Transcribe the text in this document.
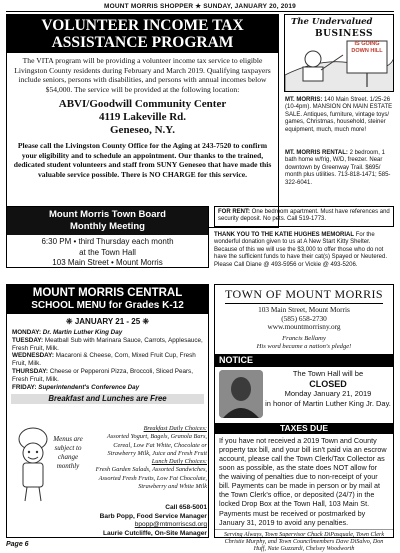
MOUNT MORRIS SHOPPER ★ SUNDAY, JANUARY 20, 2019
VOLUNTEER INCOME TAX
ASSISTANCE PROGRAM
The VITA program will be providing a volunteer income tax service to eligible Livingston County residents during February and March 2019. Qualifying taxpayers include seniors, persons with disabilities, and persons with annual incomes below $54,000. The service will be provided at the following location:
ABVI/Goodwill Community Center
4119 Lakeville Rd.
Geneseo, N.Y.
Please call the Livingston County Office for the Aging at 243-7520 to confirm your eligibility and to schedule an appointment. Our thanks to the trained, dedicated student volunteers and staff from SUNY Geneseo that have made this valuable service possible. There is NO CHARGE for this service.
The Undervalued
BUSINESS
IS GOING DOWN HILL
MT. MORRIS: 140 Main Street. 1/25-26 (10-4pm). MANSION ON MAIN ESTATE SALE. Antiques, furniture, vintage toys/ games, Christmas, household, steiner equipment, much, much more!
MT. MORRIS RENTAL: 2 bedroom, 1 bath home w/frig, W/D, freezer. Near downtown by Greenway Trail. $695/ month plus utilities. 713-818-1471; 585-322-6041.
FOR RENT: One bedroom apartment. Must have references and security deposit. No pets. Call 519-1773.
THANK YOU TO THE KATIE HUGHES MEMORIAL For the wonderful donation given to us at A New Start Kitty Shelter. Because of this we will use the $3,000 to offer those who do not have the sufficient funds to have their cat(s) Spayed or Neutered. Please Call Diane @ 493-5956 or Vickie @ 493-5206.
Mount Morris Town Board
Monthly Meeting
6:30 PM • third Thursday each month
at the Town Hall
103 Main Street • Mount Morris
MOUNT MORRIS CENTRAL
SCHOOL MENU for Grades K-12
❈ JANUARY 21 - 25 ❈
MONDAY: Dr. Martin Luther King Day
TUESDAY: Meatball Sub with Marinara Sauce, Carrots, Applesauce, Fresh Fruit, Milk.
WEDNESDAY: Macaroni & Cheese, Corn, Mixed Fruit Cup, Fresh Fruit, Milk.
THURSDAY: Cheese or Pepperoni Pizza, Broccoli, Sliced Pears, Fresh Fruit, Milk.
FRIDAY: Superintendent's Conference Day
Breakfast and Lunches are Free
Menus are subject to change monthly
Breakfast Daily Choices:
Assorted Yogurt, Bagels, Granola Bars, Cereal, Low Fat White, Chocolate or Strawberry Milk, Juice and Fresh Fruit
Lunch Daily Choices:
Fresh Garden Salads, Assorted Sandwiches, Assorted Fresh Fruits, Low Fat Chocolate, Strawberry and White Milk
Call 658-5001
Barb Popp, Food Service Manager
bpopp@mtmorriscsd.org
Laurie Cutcliffe, On-Site Manager
TOWN OF MOUNT MORRIS
103 Main Street, Mount Morris
(585) 658-2730
www.mountmorrisny.org
Francis Bellamy
His word became a nation's pledge!
NOTICE
The Town Hall will be
CLOSED
Monday January 21, 2019
in honor of Martin Luther King Jr. Day.
TAXES DUE
If you have not received a 2019 Town and County property tax bill, and your bill isn't paid via an escrow account, please call the Town Clerk/Tax Collector as soon as possible, as the state does NOT allow for the waiving of penalties due to non-receipt of your bill. Payments can be made in person or by mail at the Town Clerk's office, or deposited (24/7) in the locked Drop Box at the Town Hall, 103 Main St. Payments must be received or postmarked by January 31, 2019 to avoid any penalties.
Serving Always, Town Supervisor Chuck DiPasquale, Town Clerk Christie Murphy, and Town Councilmembers Dave DiSalvo, Don Huff, Nate Guzzardi, Chelsey Woodworth
Page 6
